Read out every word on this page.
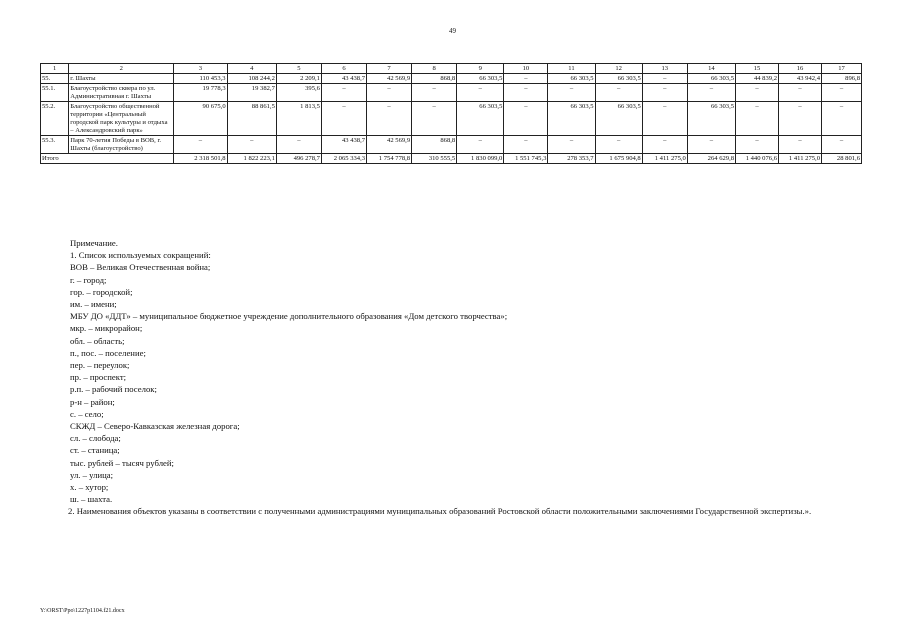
49
1	2	3	4	5	6	7	8	9	10	11	12	13	14	15	16	17
55.	г. Шахты	110 453,3	108 244,2	2 209,1	43 438,7	42 569,9	868,8	66 303,5	–	66 303,5	66 303,5	–	66 303,5	44 839,2	43 942,4	896,8
55.1.	Благоустройство сквера по ул. Административная г. Шахты	19 778,3	19 382,7	395,6	–	–	–	–	–	–	–	–	–	–	–	–
55.2.	Благоустройство общественной территории «Центральный городской парк культуры и отдыха – Александровский парк»	90 675,0	88 861,5	1 813,5	–	–	–	66 303,5	–	66 303,5	66 303,5	–	66 303,5	–	–	–
55.3.	Парк 70-летия Победы в ВОВ, г. Шахты (благоустройство)	–	–	–	43 438,7	42 569,9	868,8	–	–	–	–	–	–	–	–	–
Итого		2 318 501,8	1 822 223,1	496 278,7	2 065 334,3	1 754 778,8	310 555,5	1 830 099,0	1 551 745,3	278 353,7	1 675 904,8	1 411 275,0	264 629,8	1 440 076,6	1 411 275,0	28 801,6

Примечание.

1. Список используемых сокращений:

ВОВ – Великая Отечественная война;

г. – город;

гор. – городской;

им. – имени;

МБУ ДО «ДДТ» – муниципальное бюджетное учреждение дополнительного образования «Дом детского творчества»;

мкр. – микрорайон;

обл. – область;

п., пос. – поселение;

пер. – переулок;

пр. – проспект;

р.п. – рабочий поселок;

р-н – район;

с. – село;

СКЖД – Северо-Кавказская железная дорога;

сл. – слобода;

ст. – станица;

тыс. рублей – тысяч рублей;

ул. – улица;

х. – хутор;

ш. – шахта.

2. Наименования объектов указаны в соответствии с полученными администрациями муниципальных образований Ростовской области положительными заключениями Государственной экспертизы.».

Y:\ORST\Ppo\1227p1104.f21.docx
